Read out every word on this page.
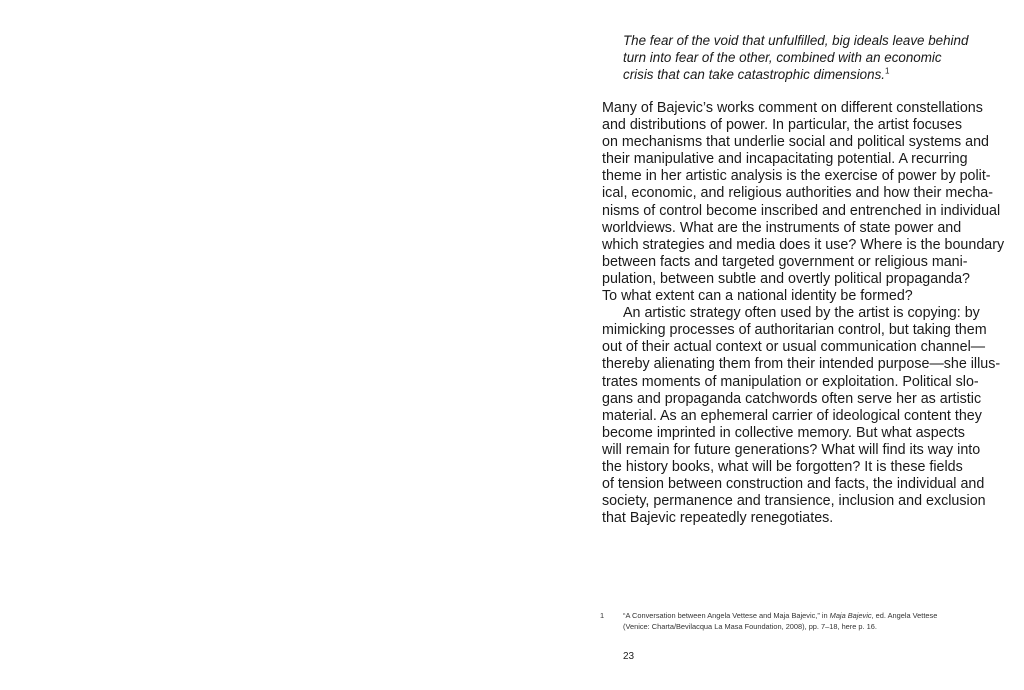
The fear of the void that unfulfilled, big ideals leave behind
turn into fear of the other, combined with an economic
crisis that can take catastrophic dimensions.$^1$
Many of Bajevic’s works comment on different constellations
and distributions of power. In particular, the artist focuses
on mechanisms that underlie social and political systems and
their manipulative and incapacitating potential. A recurring
theme in her artistic analysis is the exercise of power by polit-
ical, economic, and religious authorities and how their mecha-
nisms of control become inscribed and entrenched in individual
worldviews. What are the instruments of state power and
which strategies and media does it use? Where is the boundary
between facts and targeted government or religious mani-
pulation, between subtle and overtly political propaganda?
To what extent can a national identity be formed?
An artistic strategy often used by the artist is copying: by
mimicking processes of authoritarian control, but taking them
out of their actual context or usual communication channel—
thereby alienating them from their intended purpose—she illus-
trates moments of manipulation or exploitation. Political slo-
gans and propaganda catchwords often serve her as artistic
material. As an ephemeral carrier of ideological content they
become imprinted in collective memory. But what aspects
will remain for future generations? What will find its way into
the history books, what will be forgotten? It is these fields
of tension between construction and facts, the individual and
society, permanence and transience, inclusion and exclusion
that Bajevic repeatedly renegotiates.
1	“A Conversation between Angela Vettese and Maja Bajevic,” in Maja Bajevic, ed. Angela Vettese
(Venice: Charta/Bevilacqua La Masa Foundation, 2008), pp. 7–18, here p. 16.
23
